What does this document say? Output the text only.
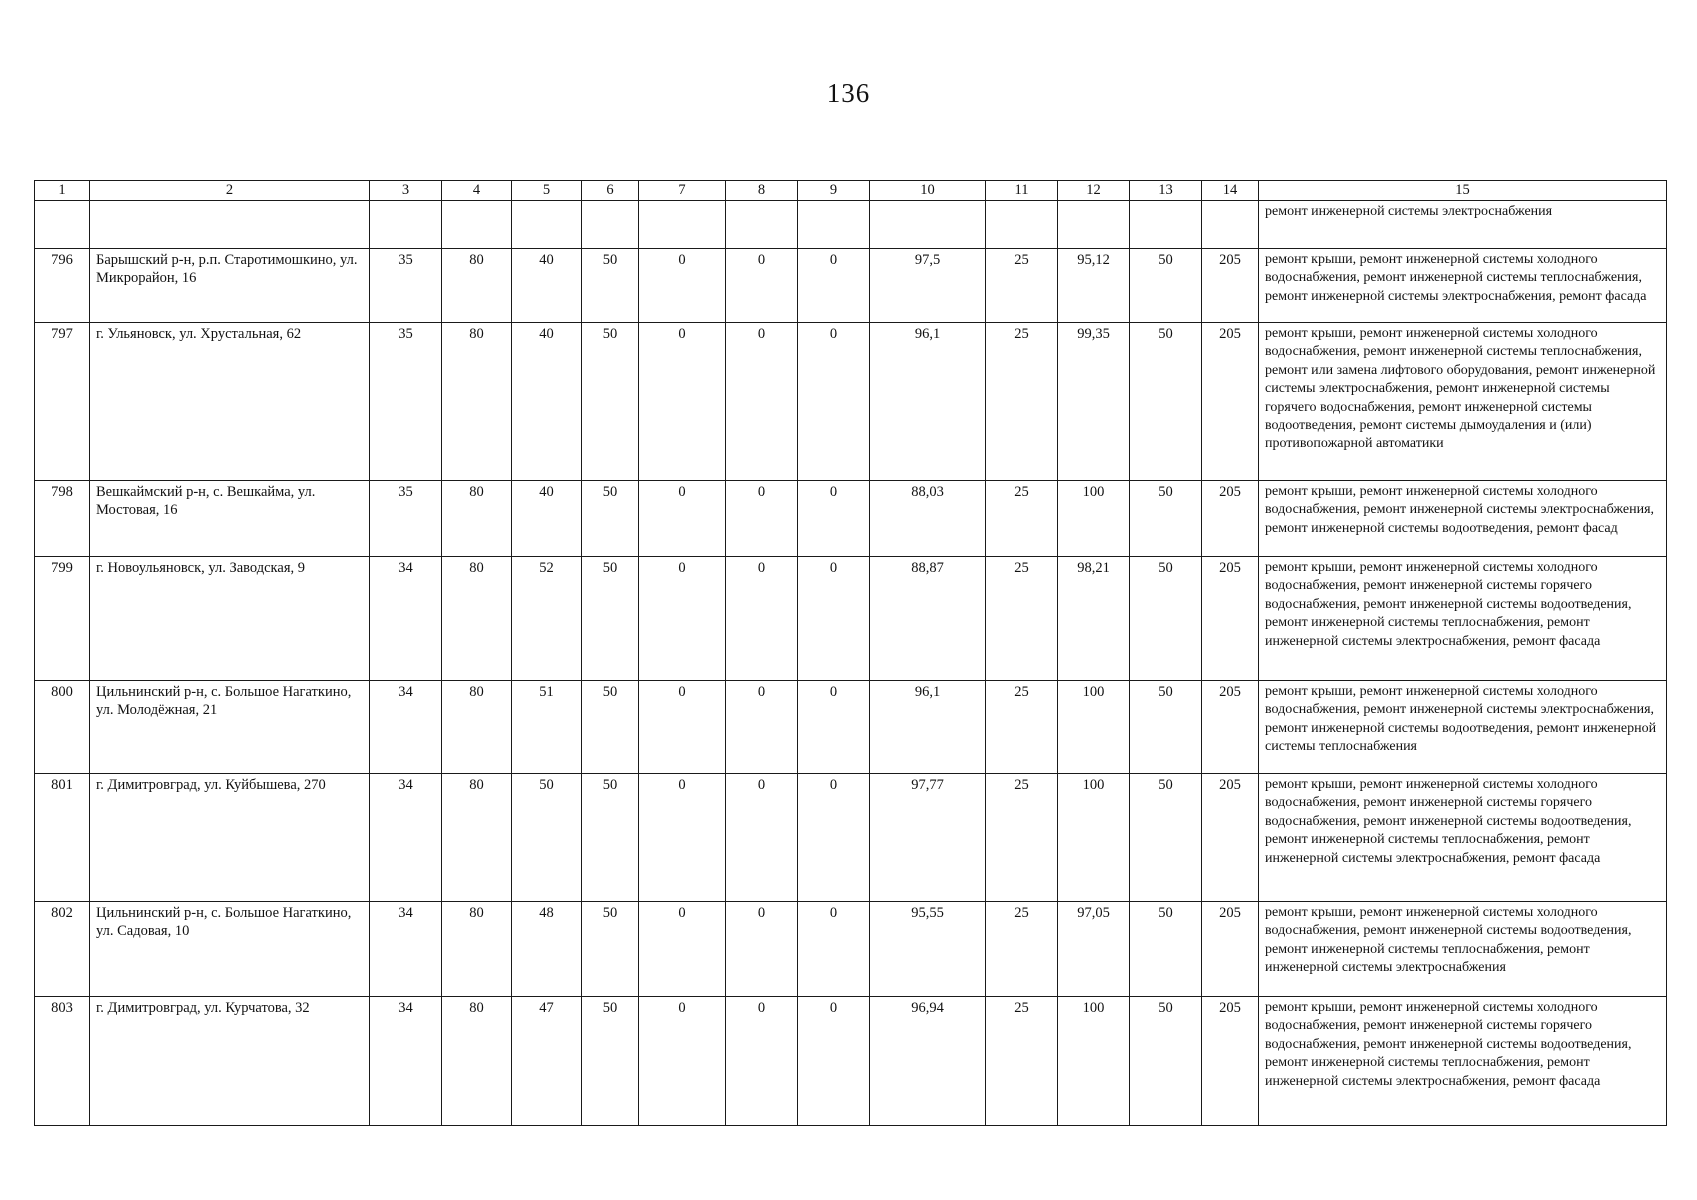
136
1	2	3	4	5	6	7	8	9	10	11	12	13	14	15
														ремонт инженерной системы электроснабжения
796	Барышский р-н, р.п. Старотимошкино, ул. Микрорайон, 16	35	80	40	50	0	0	0	97,5	25	95,12	50	205	ремонт крыши, ремонт инженерной системы холодного водоснабжения, ремонт инженерной системы теплоснабжения, ремонт инженерной системы электроснабжения, ремонт фасада
797	г. Ульяновск, ул. Хрустальная, 62	35	80	40	50	0	0	0	96,1	25	99,35	50	205	ремонт крыши, ремонт инженерной системы холодного водоснабжения, ремонт инженерной системы теплоснабжения, ремонт или замена лифтового оборудования, ремонт инженерной системы электроснабжения, ремонт инженерной системы горячего водоснабжения, ремонт инженерной системы водоотведения, ремонт системы дымоудаления и (или) противопожарной автоматики
798	Вешкаймский р-н, с. Вешкайма, ул. Мостовая, 16	35	80	40	50	0	0	0	88,03	25	100	50	205	ремонт крыши, ремонт инженерной системы холодного водоснабжения, ремонт инженерной системы электроснабжения, ремонт инженерной системы водоотведения, ремонт фасад
799	г. Новоульяновск, ул. Заводская, 9	34	80	52	50	0	0	0	88,87	25	98,21	50	205	ремонт крыши, ремонт инженерной системы холодного водоснабжения, ремонт инженерной системы горячего водоснабжения, ремонт инженерной системы водоотведения, ремонт инженерной системы теплоснабжения, ремонт инженерной системы электроснабжения, ремонт фасада
800	Цильнинский р-н, с. Большое Нагаткино, ул. Молодёжная, 21	34	80	51	50	0	0	0	96,1	25	100	50	205	ремонт крыши, ремонт инженерной системы холодного водоснабжения, ремонт инженерной системы электроснабжения, ремонт инженерной системы водоотведения, ремонт инженерной системы теплоснабжения
801	г. Димитровград, ул. Куйбышева, 270	34	80	50	50	0	0	0	97,77	25	100	50	205	ремонт крыши, ремонт инженерной системы холодного водоснабжения, ремонт инженерной системы горячего водоснабжения, ремонт инженерной системы водоотведения, ремонт инженерной системы теплоснабжения, ремонт инженерной системы электроснабжения, ремонт фасада
802	Цильнинский р-н, с. Большое Нагаткино, ул. Садовая, 10	34	80	48	50	0	0	0	95,55	25	97,05	50	205	ремонт крыши, ремонт инженерной системы холодного водоснабжения, ремонт инженерной системы водоотведения, ремонт инженерной системы теплоснабжения, ремонт инженерной системы электроснабжения
803	г. Димитровград, ул. Курчатова, 32	34	80	47	50	0	0	0	96,94	25	100	50	205	ремонт крыши, ремонт инженерной системы холодного водоснабжения, ремонт инженерной системы горячего водоснабжения, ремонт инженерной системы водоотведения, ремонт инженерной системы теплоснабжения, ремонт инженерной системы электроснабжения, ремонт фасада
